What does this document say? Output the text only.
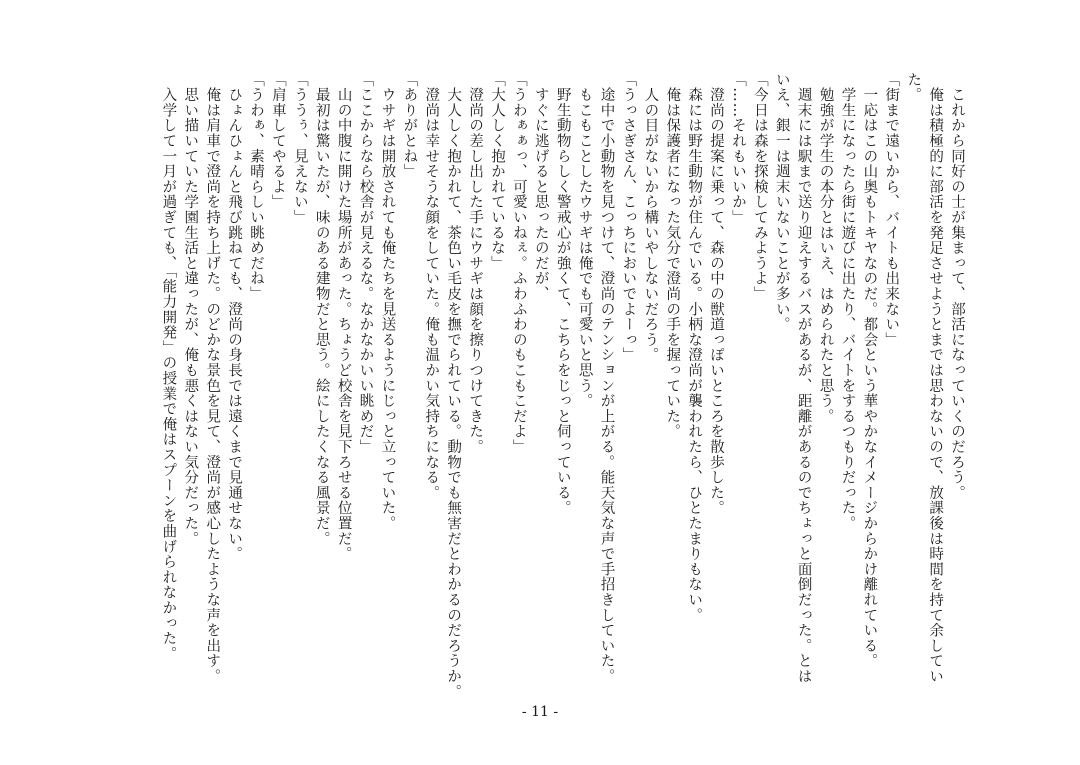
　これから同好の士が集まって、部活になっていくのだろう。
　俺は積極的に部活を発足させようとまでは思わないので、放課後は時間を持て余してい
た。
「街まで遠いから、バイトも出来ない」
　一応はこの山奥もトキヤなのだ。都会という華やかなイメージからかけ離れている。
　学生になったら街に遊びに出たり、バイトをするつもりだった。
　勉強が学生の本分とはいえ、はめられたと思う。
　週末には駅まで送り迎えするバスがあるが、距離があるのでちょっと面倒だった。とは
いえ、銀一は週末いないことが多い。
「今日は森を探検してみようよ」
「……それもいいか」
　澄尚の提案に乗って、森の中の獣道っぽいところを散歩した。
　森には野生動物が住んでいる。小柄な澄尚が襲われたら、ひとたまりもない。
　俺は保護者になった気分で澄尚の手を握っていた。
　人の目がないから構いやしないだろう。
「うっさぎさん、こっちにおいでよーっ」
　途中で小動物を見つけて、澄尚のテンションが上がる。能天気な声で手招きしていた。
　もこもことしたウサギは俺でも可愛いと思う。
　野生動物らしく警戒心が強くて、こちらをじっと伺っている。
　すぐに逃げると思ったのだが、
「うわぁぁっ、可愛いねぇ。ふわふわのもこもこだよ」
「大人しく抱かれているな」
　澄尚の差し出した手にウサギは顔を擦りつけてきた。
　大人しく抱かれて、茶色い毛皮を撫でられている。動物でも無害だとわかるのだろうか。
　澄尚は幸せそうな顔をしていた。俺も温かい気持ちになる。
「ありがとね」
　ウサギは開放されても俺たちを見送るようにじっと立っていた。
「ここからなら校舎が見えるな。なかなかいい眺めだ」
　山の中腹に開けた場所があった。ちょうど校舎を見下ろせる位置だ。
　最初は驚いたが、味のある建物だと思う。絵にしたくなる風景だ。
「ううぅ、見えない」
「肩車してやるよ」
「うわぁ、素晴らしい眺めだね」
　ひょんひょんと飛び跳ねても、澄尚の身長では遠くまで見通せない。
　俺は肩車で澄尚を持ち上げた。のどかな景色を見て、澄尚が感心したような声を出す。
　思い描いていた学園生活と違ったが、俺も悪くはない気分だった。
　入学して一月が過ぎても、「能力開発」の授業で俺はスプーンを曲げられなかった。
- 11 -
